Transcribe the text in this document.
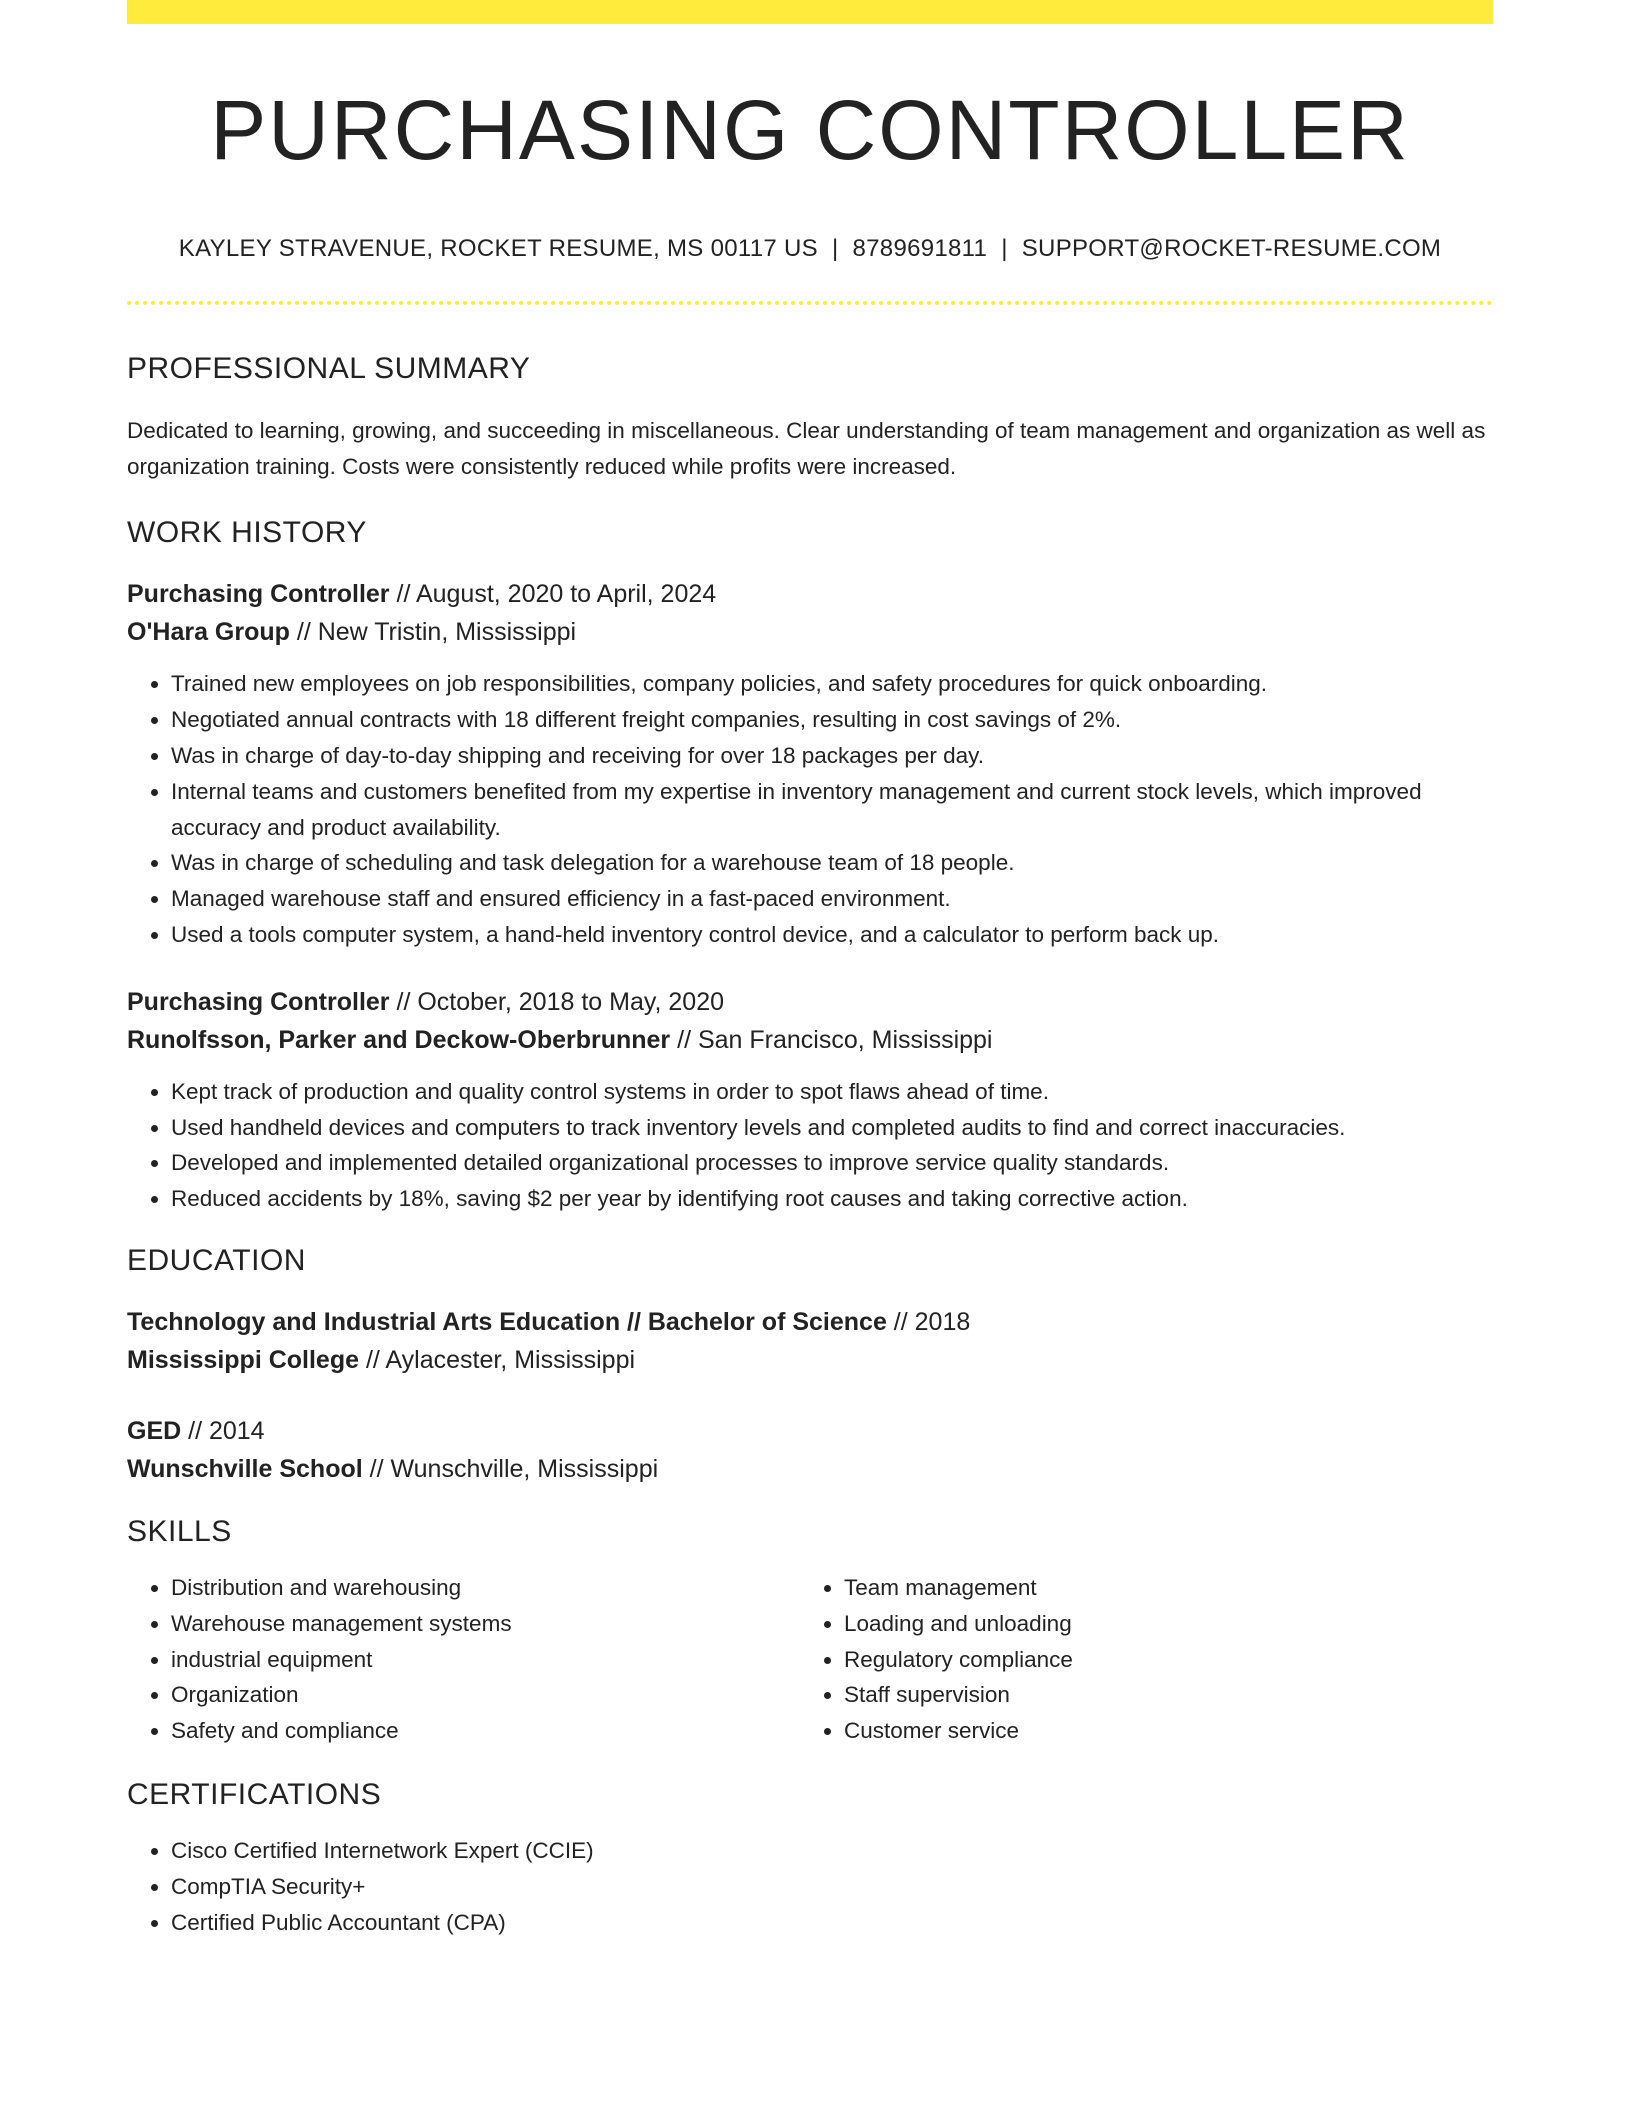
PURCHASING CONTROLLER
KAYLEY STRAVENUE, ROCKET RESUME, MS 00117 US | 8789691811 | SUPPORT@ROCKET-RESUME.COM
PROFESSIONAL SUMMARY

Dedicated to learning, growing, and succeeding in miscellaneous. Clear understanding of team management and organization as well as organization training. Costs were consistently reduced while profits were increased.

WORK HISTORY
Purchasing Controller // August, 2020 to April, 2024
O'Hara Group // New Tristin, Mississippi
• Trained new employees on job responsibilities, company policies, and safety procedures for quick onboarding.
• Negotiated annual contracts with 18 different freight companies, resulting in cost savings of 2%.
• Was in charge of day-to-day shipping and receiving for over 18 packages per day.
• Internal teams and customers benefited from my expertise in inventory management and current stock levels, which improved accuracy and product availability.
• Was in charge of scheduling and task delegation for a warehouse team of 18 people.
• Managed warehouse staff and ensured efficiency in a fast-paced environment.
• Used a tools computer system, a hand-held inventory control device, and a calculator to perform back up.
Purchasing Controller // October, 2018 to May, 2020
Runolfsson, Parker and Deckow-Oberbrunner // San Francisco, Mississippi
• Kept track of production and quality control systems in order to spot flaws ahead of time.
• Used handheld devices and computers to track inventory levels and completed audits to find and correct inaccuracies.
• Developed and implemented detailed organizational processes to improve service quality standards.
• Reduced accidents by 18%, saving $2 per year by identifying root causes and taking corrective action.
EDUCATION
Technology and Industrial Arts Education // Bachelor of Science // 2018
Mississippi College // Aylacester, Mississippi
GED // 2014
Wunschville School // Wunschville, Mississippi
SKILLS
• Distribution and warehousing
• Warehouse management systems
• industrial equipment
• Organization
• Safety and compliance
• Team management
• Loading and unloading
• Regulatory compliance
• Staff supervision
• Customer service
CERTIFICATIONS
• Cisco Certified Internetwork Expert (CCIE)
• CompTIA Security+
• Certified Public Accountant (CPA)
